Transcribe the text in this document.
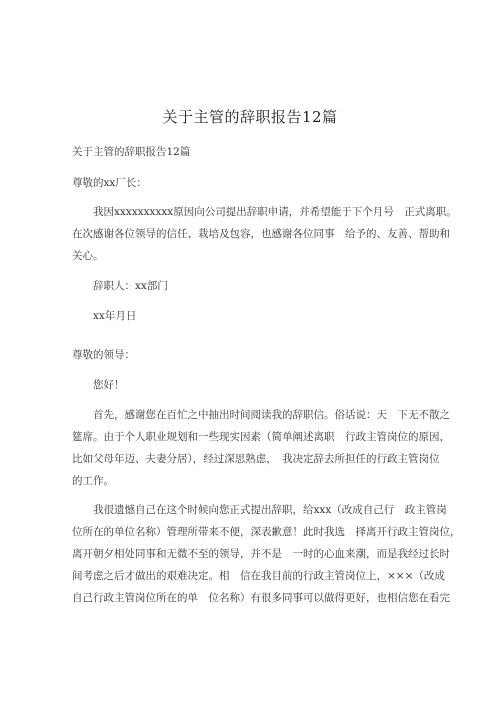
关于主管的辞职报告12篇
关于主管的辞职报告12篇
尊敬的xx厂长：
我因xxxxxxxxxx原因向公司提出辞职申请，并希望能于下个月号　正式离职。
在次感谢各位领导的信任、栽培及包容，也感谢各位同事　给予的、友善、帮助和
关心。
辞职人：xx部门
xx年月日
尊敬的领导：
您好！
首先，感谢您在百忙之中抽出时间阅读我的辞职信。俗话说：天　下无不散之
筵席。由于个人职业规划和一些现实因素（简单阐述离职　行政主管岗位的原因，
比如父母年迈、夫妻分居），经过深思熟虑，　我决定辞去所担任的行政主管岗位
的工作。
我很遗憾自己在这个时候向您正式提出辞职，给xxx（改成自己行　政主管岗
位所在的单位名称）管理所带来不便，深表歉意！此时我选　择离开行政主管岗位，
离开朝夕相处同事和无微不至的领导，并不是　一时的心血来潮，而是我经过长时
间考虑之后才做出的艰难决定。相　信在我目前的行政主管岗位上，×××（改成
自己行政主管岗位所在的单　位名称）有很多同事可以做得更好，也相信您在看完
